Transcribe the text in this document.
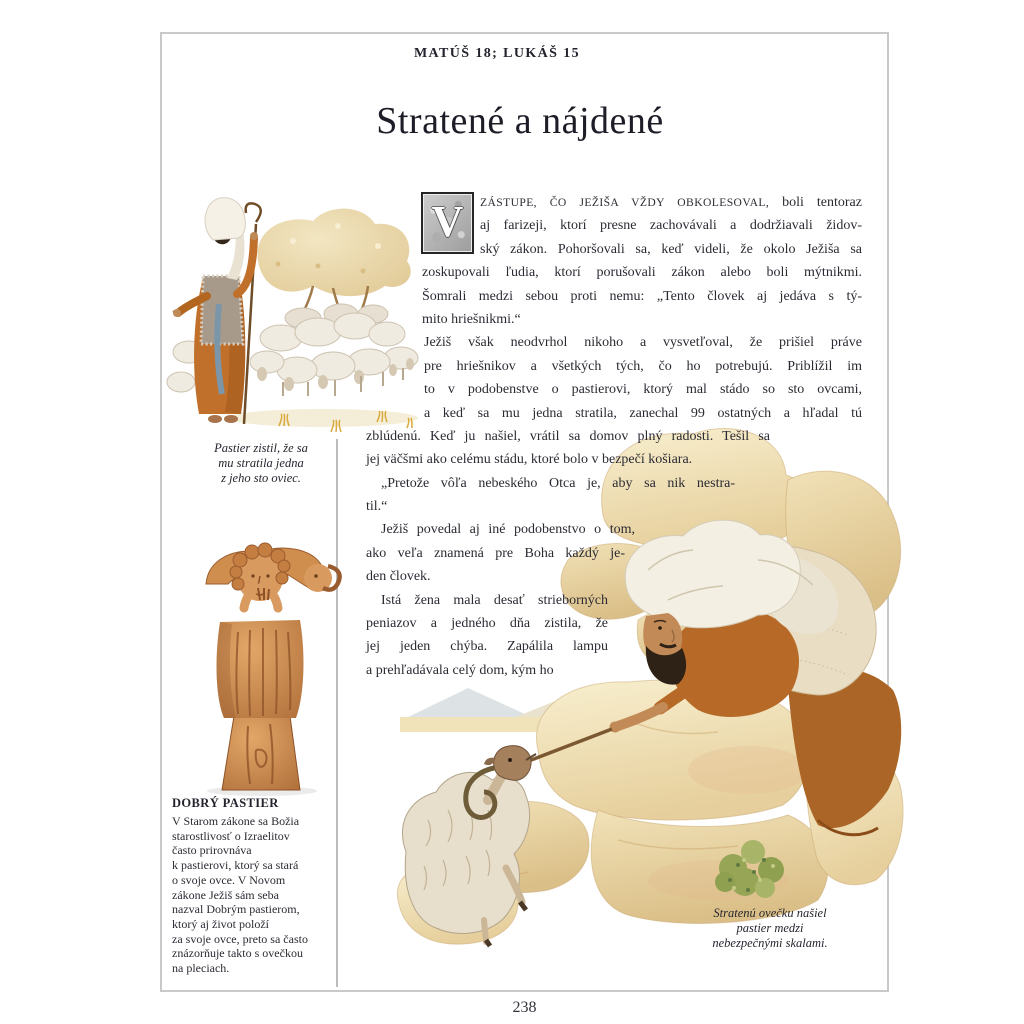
MATÚŠ 18; LUKÁŠ 15
Stratené a nájdené
Pastier zistil, že sa
mu stratila jedna
z jeho sto oviec.
DOBRÝ PASTIER
V Starom zákone sa Božia
starostlivosť o Izraelitov
často prirovnáva
k pastierovi, ktorý sa stará
o svoje ovce. V Novom
zákone Ježiš sám seba
nazval Dobrým pastierom,
ktorý aj život položí
za svoje ovce, preto sa často
znázorňuje takto s ovečkou
na pleciach.
V	ZÁSTUPE, ČO JEŽIŠA VŽDY OBKOLESOVAL, boli tentoraz
aj farizeji, ktorí presne zachovávali a dodržiavali židov-
ský zákon. Pohoršovali sa, keď videli, že okolo Ježiša sa
zoskupovali ľudia, ktorí porušovali zákon alebo boli mýtnikmi.
Šomrali medzi sebou proti nemu: „Tento človek aj jedáva s tý-
mito hriešnikmi.“
Ježiš však neodvrhol nikoho a vysvetľoval, že prišiel práve
pre hriešnikov a všetkých tých, čo ho potrebujú. Priblížil im
to v podobenstve o pastierovi, ktorý mal stádo so sto ovcami,
a keď sa mu jedna stratila, zanechal 99 ostatných a hľadal tú
zblúdenú. Keď ju našiel, vrátil sa domov plný radosti. Tešil sa
jej väčšmi ako celému stádu, ktoré bolo v bezpečí košiara.
„Pretože vôľa nebeského Otca je, aby sa nik nestra-
til.“
Ježiš povedal aj iné podobenstvo o tom,
ako veľa znamená pre Boha každý je-
den človek.
Istá žena mala desať strieborných
peniazov a jedného dňa zistila, že
jej jeden chýba. Zapálila lampu
a prehľadávala celý dom, kým ho
Stratenú ovečku našiel
pastier medzi
nebezpečnými skalami.
238
